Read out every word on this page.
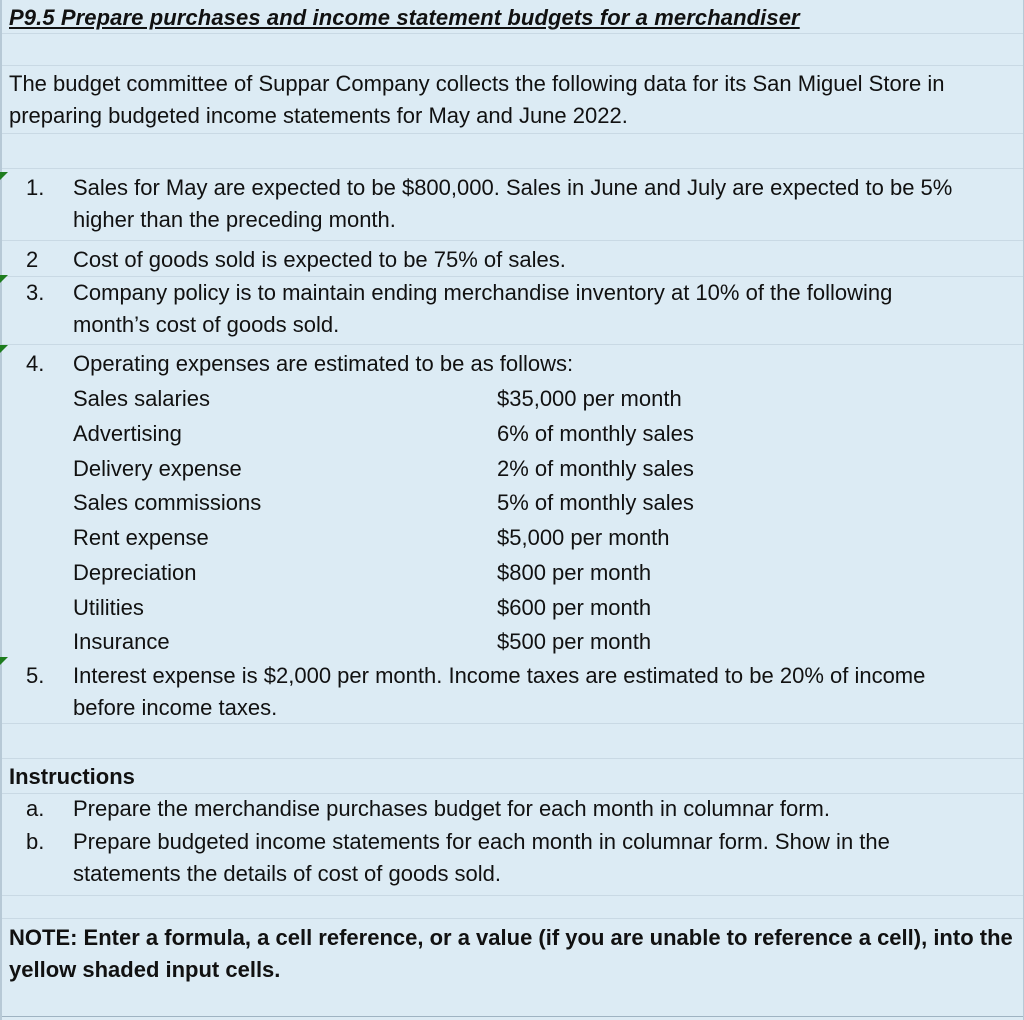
P9.5 Prepare purchases and income statement budgets for a merchandiser
The budget committee of Suppar Company collects the following data for its San Miguel Store in preparing budgeted income statements for May and June 2022.
1.	Sales for May are expected to be $800,000. Sales in June and July are expected to be 5% higher than the preceding month.
2	Cost of goods sold is expected to be 75% of sales.
3.	Company policy is to maintain ending merchandise inventory at 10% of the following month’s cost of goods sold.
4.	Operating expenses are estimated to be as follows:
Sales salaries	$35,000 per month
Advertising	6% of monthly sales
Delivery expense	2% of monthly sales
Sales commissions	5% of monthly sales
Rent expense	$5,000 per month
Depreciation	$800 per month
Utilities	$600 per month
Insurance	$500 per month
5.	Interest expense is $2,000 per month. Income taxes are estimated to be 20% of income before income taxes.
Instructions
a.	Prepare the merchandise purchases budget for each month in columnar form.
b.	Prepare budgeted income statements for each month in columnar form. Show in the statements the details of cost of goods sold.
NOTE: Enter a formula, a cell reference, or a value (if you are unable to reference a cell), into the yellow shaded input cells.
